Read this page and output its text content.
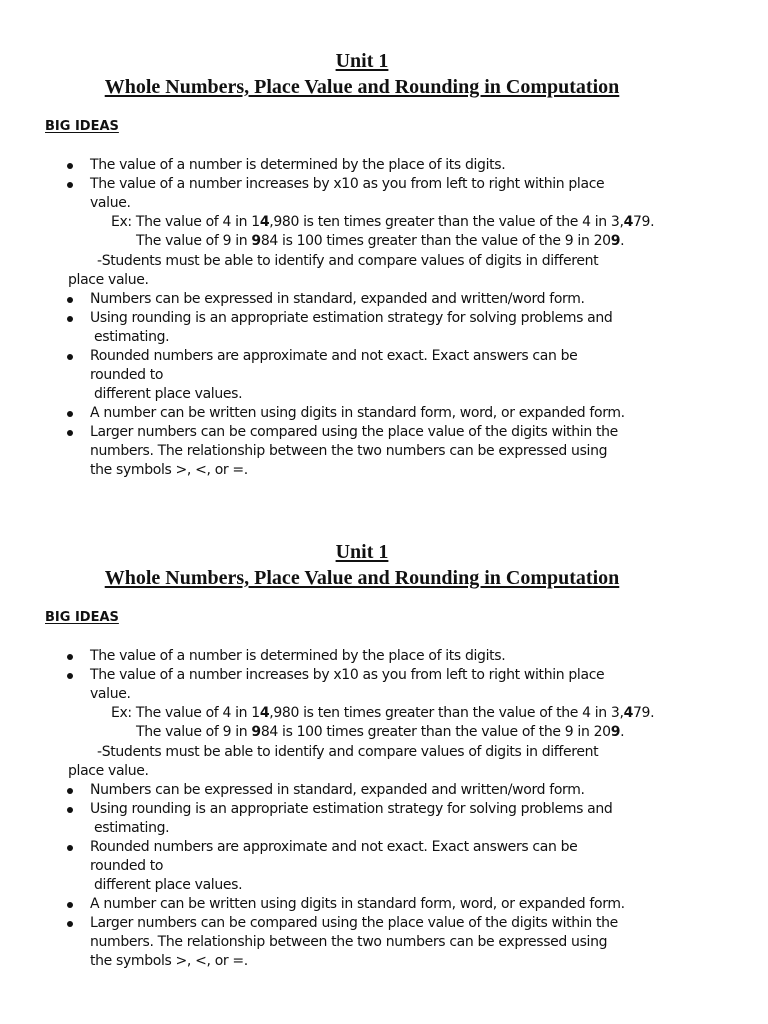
Unit 1
Whole Numbers, Place Value and Rounding in Computation
BIG IDEAS
The value of a number is determined by the place of its digits.
The value of a number increases by x10 as you from left to right within place
value.
Ex: The value of 4 in 14,980 is ten times greater than the value of the 4 in 3,479.
The value of 9 in 984 is 100 times greater than the value of the 9 in 209.
-Students must be able to identify and compare values of digits in different
place value.
Numbers can be expressed in standard, expanded and written/word form.
Using rounding is an appropriate estimation strategy for solving problems and
estimating.
Rounded numbers are approximate and not exact. Exact answers can be
rounded to
different place values.
A number can be written using digits in standard form, word, or expanded form.
Larger numbers can be compared using the place value of the digits within the
numbers. The relationship between the two numbers can be expressed using
the symbols >, <, or =.
Unit 1
Whole Numbers, Place Value and Rounding in Computation
BIG IDEAS
The value of a number is determined by the place of its digits.
The value of a number increases by x10 as you from left to right within place
value.
Ex: The value of 4 in 14,980 is ten times greater than the value of the 4 in 3,479.
The value of 9 in 984 is 100 times greater than the value of the 9 in 209.
-Students must be able to identify and compare values of digits in different
place value.
Numbers can be expressed in standard, expanded and written/word form.
Using rounding is an appropriate estimation strategy for solving problems and
estimating.
Rounded numbers are approximate and not exact. Exact answers can be
rounded to
different place values.
A number can be written using digits in standard form, word, or expanded form.
Larger numbers can be compared using the place value of the digits within the
numbers. The relationship between the two numbers can be expressed using
the symbols >, <, or =.
